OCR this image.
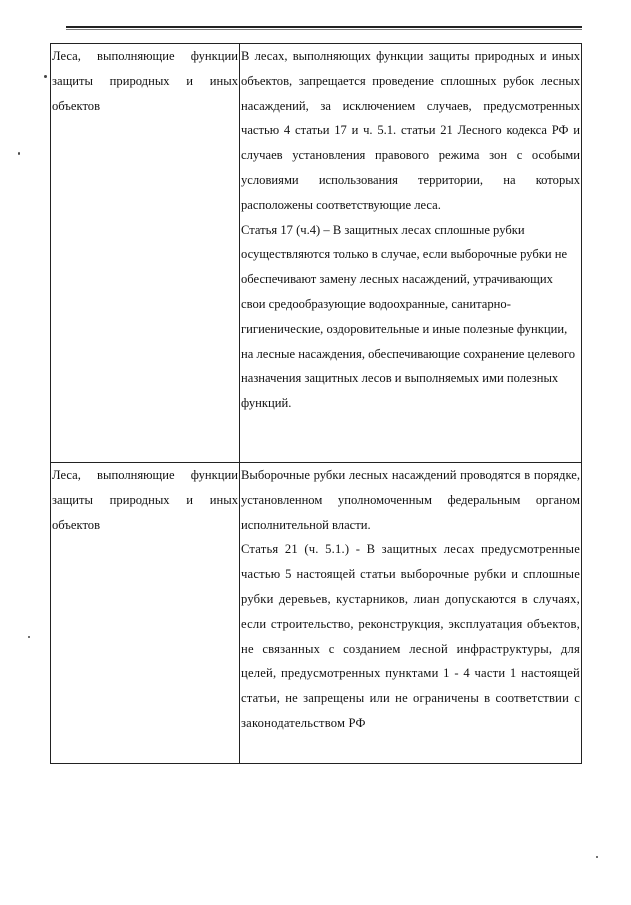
Леса, выполняющие функции защиты природных и иных объектов	В лесах, выполняющих функции защиты природных и иных объектов, запрещается проведение сплошных рубок лесных насаждений, за исключением случаев, предусмотренных частью 4 статьи 17 и ч. 5.1. статьи 21 Лесного кодекса РФ и случаев установления правового режима зон с особыми условиями использования территории, на которых расположены соответствующие леса.

Статья 17 (ч.4) – В защитных лесах сплошные рубки осуществляются только в случае, если выборочные рубки не обеспечивают замену лесных насаждений, утрачивающих свои средообразующие водоохранные, санитарно-гигиенические, оздоровительные и иные полезные функции, на лесные насаждения, обеспечивающие сохранение целевого назначения защитных лесов и выполняемых ими полезных функций.

Леса, выполняющие функции защиты природных и иных объектов	Выборочные рубки лесных насаждений проводятся в порядке, установленном уполномоченным федеральным органом исполнительной власти.

Статья 21 (ч. 5.1.) - В защитных лесах предусмотренные частью 5 настоящей статьи выборочные рубки и сплошные рубки деревьев, кустарников, лиан допускаются в случаях, если строительство, реконструкция, эксплуатация объектов, не связанных с созданием лесной инфраструктуры, для целей, предусмотренных пунктами 1 - 4 части 1 настоящей статьи, не запрещены или не ограничены в соответствии с законодательством РФ
